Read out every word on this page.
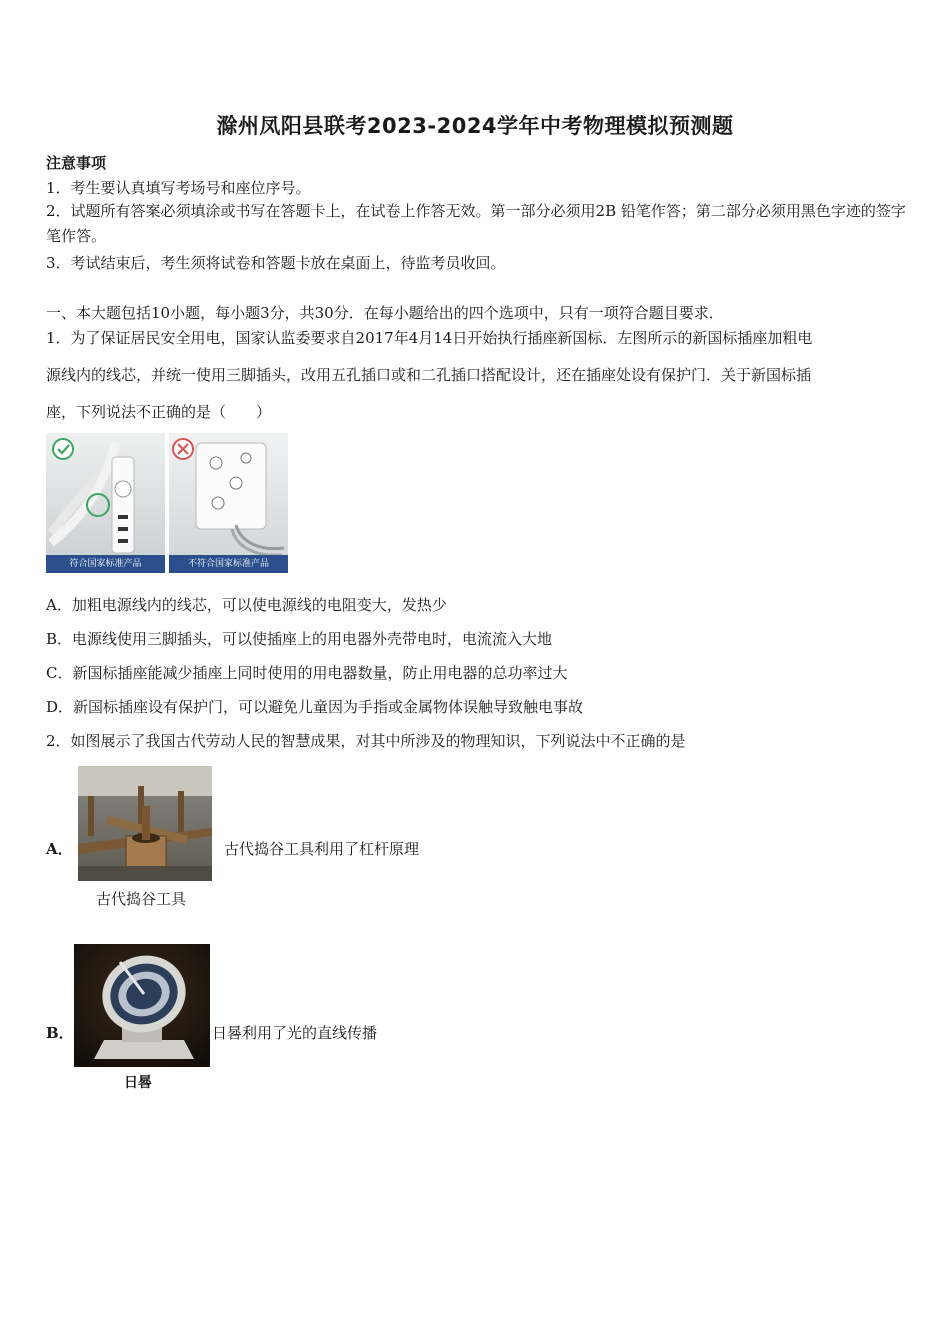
滁州凤阳县联考2023-2024学年中考物理模拟预测题
注意事项
1．考生要认真填写考场号和座位序号。
2．试题所有答案必须填涂或书写在答题卡上，在试卷上作答无效。第一部分必须用2B 铅笔作答；第二部分必须用黑色字迹的签字笔作答。
3．考试结束后，考生须将试卷和答题卡放在桌面上，待监考员收回。
一、本大题包括10小题，每小题3分，共30分．在每小题给出的四个选项中，只有一项符合题目要求．
1．为了保证居民安全用电，国家认监委要求自2017年4月14日开始执行插座新国标．左图所示的新国标插座加粗电
源线内的线芯，并统一使用三脚插头，改用五孔插口或和二孔插口搭配设计，还在插座处设有保护门．关于新国标插
座，下列说法不正确的是（　　）
符合国家标准产品	不符合国家标准产品
A．加粗电源线内的线芯，可以使电源线的电阻变大，发热少
B．电源线使用三脚插头，可以使插座上的用电器外壳带电时，电流流入大地
C．新国标插座能减少插座上同时使用的用电器数量，防止用电器的总功率过大
D．新国标插座设有保护门，可以避免儿童因为手指或金属物体误触导致触电事故
2．如图展示了我国古代劳动人民的智慧成果，对其中所涉及的物理知识，下列说法中不正确的是
A．
古代捣谷工具
古代捣谷工具利用了杠杆原理
B．
日晷
日晷利用了光的直线传播
